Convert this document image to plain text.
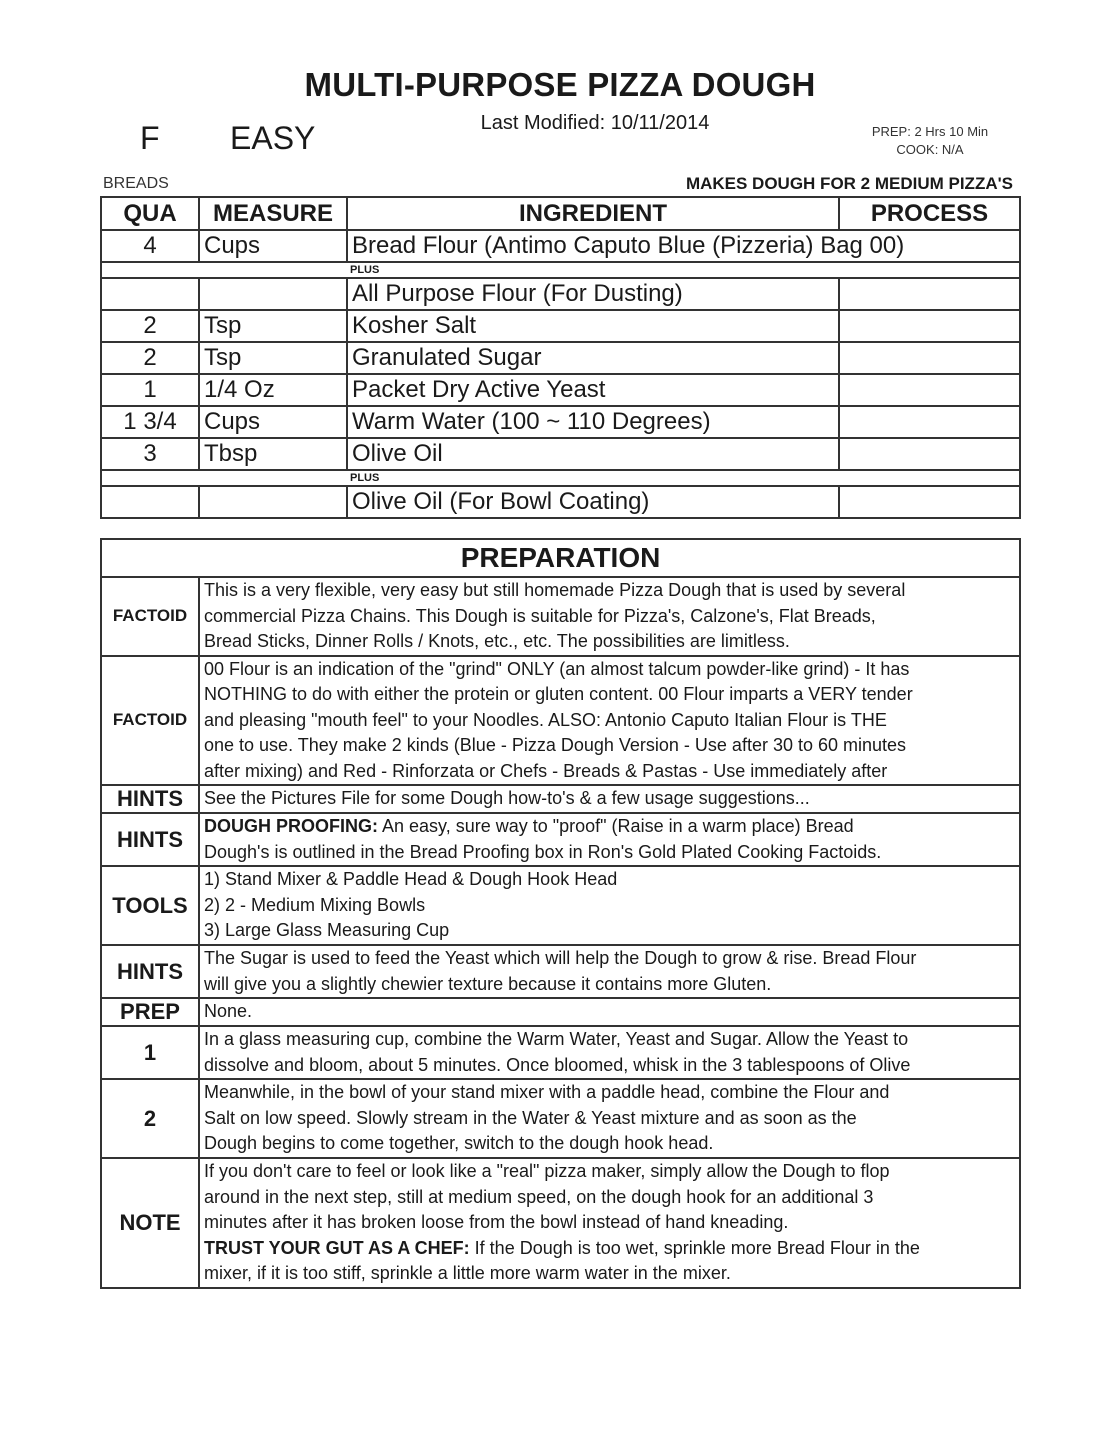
MULTI-PURPOSE PIZZA DOUGH
Last Modified: 10/11/2014
F EASY	PREP: 2 Hrs 10 Min
COOK: N/A
BREADS	MAKES DOUGH FOR 2 MEDIUM PIZZA'S
QUA	MEASURE	INGREDIENT	PROCESS
4	Cups	Bread Flour (Antimo Caputo Blue (Pizzeria) Bag 00)	
PLUS			
		All Purpose Flour (For Dusting)	
2	Tsp	Kosher Salt	
2	Tsp	Granulated Sugar	
1	1/4 Oz	Packet Dry Active Yeast	
1 3/4	Cups	Warm Water (100 ~ 110 Degrees)	
3	Tbsp	Olive Oil	
PLUS			
		Olive Oil (For Bowl Coating)	
PREPARATION	
FACTOID	This is a very flexible, very easy but still homemade Pizza Dough that is used by several
commercial Pizza Chains. This Dough is suitable for Pizza's, Calzone's, Flat Breads,
Bread Sticks, Dinner Rolls / Knots, etc., etc. The possibilities are limitless.

FACTOID	00 Flour is an indication of the "grind" ONLY (an almost talcum powder-like grind) - It has
NOTHING to do with either the protein or gluten content. 00 Flour imparts a VERY tender
and pleasing "mouth feel" to your Noodles. ALSO: Antonio Caputo Italian Flour is THE
one to use. They make 2 kinds (Blue - Pizza Dough Version - Use after 30 to 60 minutes
after mixing) and Red - Rinforzata or Chefs - Breads & Pastas - Use immediately after

HINTS	See the Pictures File for some Dough how-to's & a few usage suggestions...

HINTS	DOUGH PROOFING: An easy, sure way to "proof" (Raise in a warm place) Bread
Dough's is outlined in the Bread Proofing box in Ron's Gold Plated Cooking Factoids.

TOOLS	1) Stand Mixer & Paddle Head & Dough Hook Head
2) 2 - Medium Mixing Bowls
3) Large Glass Measuring Cup

HINTS	The Sugar is used to feed the Yeast which will help the Dough to grow & rise. Bread Flour
will give you a slightly chewier texture because it contains more Gluten.

PREP	None.

1	In a glass measuring cup, combine the Warm Water, Yeast and Sugar. Allow the Yeast to
dissolve and bloom, about 5 minutes. Once bloomed, whisk in the 3 tablespoons of Olive

2	Meanwhile, in the bowl of your stand mixer with a paddle head, combine the Flour and
Salt on low speed. Slowly stream in the Water & Yeast mixture and as soon as the
Dough begins to come together, switch to the dough hook head.

NOTE	If you don't care to feel or look like a "real" pizza maker, simply allow the Dough to flop
around in the next step, still at medium speed, on the dough hook for an additional 3
minutes after it has broken loose from the bowl instead of hand kneading.
TRUST YOUR GUT AS A CHEF: If the Dough is too wet, sprinkle more Bread Flour in the
mixer, if it is too stiff, sprinkle a little more warm water in the mixer.
